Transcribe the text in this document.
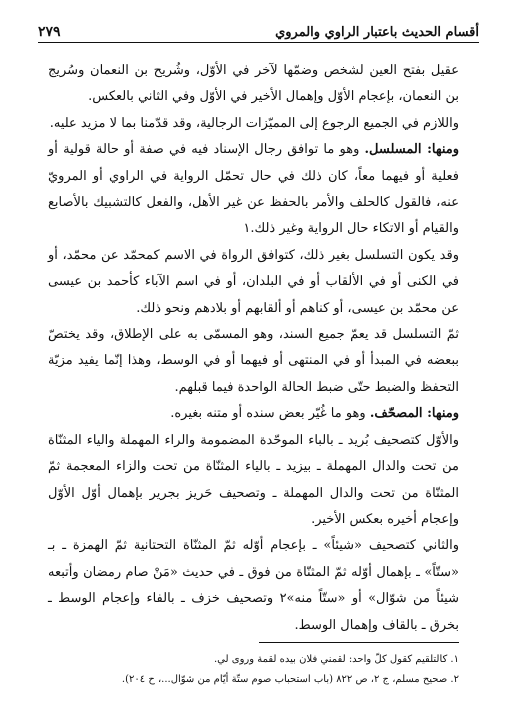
أقسام الحديث باعتبار الراوي والمروي
٢٧٩

عقيل بفتح العين لشخص وضمّها لآخر في الأوّل، وشُريح بن النعمان وسُريج بن النعمان، بإعجام الأوّل وإهمال الأخير في الأوّل وفي الثاني بالعكس.

واللازم في الجميع الرجوع إلى المميّزات الرجالية، وقد قدّمنا بما لا مزيد عليه.

ومنها: المسلسل. وهو ما توافق رجال الإسناد فيه في صفة أو حالة قولية أو فعلية أو فيهما معاً، كان ذلك في حال تحمّل الرواية في الراوي أو المرويّ عنه، فالقول كالحلف والأمر بالحفظ عن غير الأهل، والفعل كالتشبيك بالأصابع والقيام أو الاتكاء حال الرواية وغير ذلك.١

وقد يكون التسلسل بغير ذلك، كتوافق الرواة في الاسم كمحمّد عن محمّد، أو في الكنى أو في الألقاب أو في البلدان، أو في اسم الآباء كأحمد بن عيسى عن محمّد بن عيسى، أو كناهم أو ألقابهم أو بلادهم ونحو ذلك.

ثمّ التسلسل قد يعمّ جميع السند، وهو المسمّى به على الإطلاق، وقد يختصّ ببعضه في المبدأ أو في المنتهى أو فيهما أو في الوسط، وهذا إنّما يفيد مزيّة التحفظ والضبط حتّى ضبط الحالة الواحدة فيما قبلهم.

ومنها: المصحّف. وهو ما غُيّر بعض سنده أو متنه بغيره.

والأوّل كتصحيف بُريد ـ بالباء الموحّدة المضمومة والراء المهملة والياء المثنّاة من تحت والدال المهملة ـ بيزيد ـ بالياء المثنّاة من تحت والزاء المعجمة ثمّ المثنّاة من تحت والدال المهملة ـ وتصحيف حَريز بجرير بإهمال أوّل الأوّل وإعجام أخيره بعكس الأخير.

والثاني كتصحيف «شيئاً» ـ بإعجام أوّله ثمّ المثنّاة التحتانية ثمّ الهمزة ـ بـ «ستّاً» ـ بإهمال أوّله ثمّ المثنّاة من فوق ـ في حديث «مَنْ صام رمضان وأتبعه شيئاً من شوّال» أو «ستّاً منه»٢ وتصحيف خزف ـ بالفاء وإعجام الوسط ـ بخرق ـ بالقاف وإهمال الوسط.

١. كالتلقيم كقول كلّ واحد: لقمني فلان بيده لقمة وروى لي.

٢. صحيح مسلم، ج ٢، ص ٨٢٢ (باب استحباب صوم ستّة أيّام من شوّال...، ح ٢٠٤).
